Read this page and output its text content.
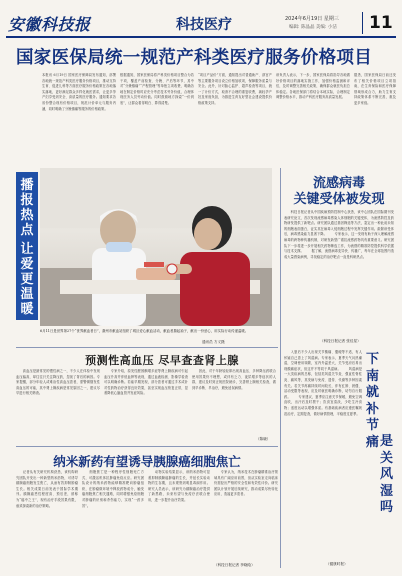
安徽科技报	科技医疗	2024年6月19日 星期三
编辑: 陈晶晶 美编: 小洁 11
国家医保局统一规范产科类医疗服务价格项目
本报讯 6月19日 国家医疗保障局发布通知，部署各地统一规范产科类医疗服务价格项目，推动支持生育、促进儿科等方面医疗服务价格政策在各地落实落地，更好满足群众多样化就医需求，让更多孕产妇享受到安全、高质量的医疗服务。通知要求各省份整合现有价格项目，规范计价单元与服务内涵，同时明确了分娩镇痛等服务的价格政策。
根据通知，国家医保局将产科类价格项目整合为若干项，覆盖产前检查、分娩、产后等环节，其中对“分娩镇痛”“产程管理”等单独立项收费，明确各地在制定价格时应充分考虑技术劳务价值，合理体现医务人员劳动价值。同时鼓励地方探索“一价到底”，让群众看得明白、算得清楚。
“项目产品价”方面，通知提出对普通助产、剖宫产等主要服务项目设立价格加收项，保障服务质量与安全。此外，针对胎心监护、超声检查等项目，统一了计价方式，取消不合理的重复收费，减轻孕产妇及家庭负担，为推进生育友好型社会建设提供价格政策支持。
该负责人表示，下一步，国家医保局将指导各地做好价格项目的落地实施工作，加强价格监测和评估，及时调整完善相关政策，确保群众就医负担总体稳定。各地医保部门将结合本地实际，合理制定调整价格水平，推动产科医疗服务高质量发展。
据悉，国家医保局日前还发布了相关价格项目立项指南，在生育保险和医疗保障领域形成合力，助力生育支持政策体系不断完善，惠及更多家庭。
播
报
热
点
让
爱
更
温
暖
6月11日是世界第27个“世界献血者日”，滁州市献血站组织了城区爱心献血活动，献血者撸起袖子，献出一份爱心，用实际行动传递温暖。
通讯员 方义摄
流感病毒
关键受体被发现
　　科技日报记者从中国疾病预防控制中心获悉，该中心团队在国际期刊发表研究论文，首次发现流感病毒感染人体细胞的关键受体，为流感防控及药物研发提供了新靶点。研究团队通过基因筛选等方法，鉴定出一种此前未知的细胞表面蛋白，证实其在病毒入侵细胞过程中发挥关键作用。敲除该受体后，病毒感染能力显著下降。 　　专家表示，这一发现有助于深入理解流感病毒的跨物种传播机制，对研发新型广谱抗流感药物具有重要意义。研究团队下一步将进一步开展相关药物筛选工作，为流感的精准防控提供科学依据与技术支撑。 　　据了解，流感病毒变异快、传播广，每年在全球范围内造成大量感染病例，寻找稳定的治疗靶点一直是科研热点。
（科技日报记者 张佳星）
预测性高血压 尽早查查肾上腺
　　高血压是最常见的慢性病之一，不少人在体检中发现血压偏高，却往往只关注降压药，忽视了背后的病因。专家提醒，部分年轻人或难治性高血压患者，需警惕继发性高血压的可能，其中肾上腺疾病是常见原因之一，建议尽早进行相关筛查。
　　专家介绍，原发性醛固酮增多症等肾上腺疾病可引起血压升高并伴低血钾等表现，通过血液检测、影像学检查可以明确诊断。若能早期发现，部分患者可通过手术或针对性药物治疗获得良好效果，甚至实现血压恢复正常，显著降低心脑血管并发症风险。
　　因此，对于年龄较轻即出现高血压、多种降压药联合使用效果仍不理想，或伴有乏力、夜尿增多等症状的人群，建议及时到正规医院就诊，完善肾上腺相关检查，做到早诊断、早治疗，避免延误病情。
（陈晓）
纳米新药有望诱导胰腺癌细胞焦亡
　　记者从有关研究机构获悉，该机构研究团队开发出一种新型纳米药物，可诱导胰腺癌细胞发生焦亡，从而有效抑制肿瘤生长。相关成果日前发表于国际学术期刊。胰腺癌恶性程度高、预后差，被称为“癌中之王”，现有治疗手段效果有限，亟须探索新的治疗策略。
　　细胞焦亡是一种程序性细胞死亡方式，可激活机体抗肿瘤免疫反应。研究团队设计的纳米药物能够精准靶向肿瘤组织，在肿瘤微环境中释放药物成分，触发癌细胞焦亡相关通路，同时增强免疫细胞对肿瘤的识别和杀伤能力，实现“一药多效”。
　　动物实验结果显示，该纳米药物可显著抑制胰腺癌肿瘤的生长，并延长实验动物的生存期，且未观察到明显毒副作用。研究人员表示，该研究为胰腺癌治疗提供了新思路，未来有望与免疫疗法联合使用，进一步提升治疗效果。
　　专家认为，纳米技术在肿瘤精准治疗领域具有广阔应用前景，但从实验室走向临床仍需经历严格的安全性和有效性评价。研究团队计划开展后续研究，推动成果尽快转化应用，造福更多患者。
（科技日报记者 李晓晗）
　　入夏后不少人出现关节酸痛、僵硬等不适，有人怀疑自己患上了风湿病。专家表示，夏季天气闷热潮湿，空调使用频繁，室内外温差大，关节受凉后易出现酸痛症状，但这并不等同于风湿病。 　　风湿病是一大类疾病的总称，包括类风湿关节炎、强直性脊柱炎、痛风等，其发病与免疫、遗传、代谢等多种因素有关。若关节疼痛持续时间较长，伴有红肿、晨僵、活动受限等表现，应及时就医明确诊断，切勿自行服药。 　　专家建议，夏季应注意关节保暖，避免空调直吹，出汗后及时擦干；饮食宜清淡，少吃生冷食物；适度运动以增强体质。有基础疾病者应遵医嘱规范治疗，定期复查，做好病情管理，平稳度过夏季。
（健康时报）
下南就补节痛 是关风湿吗
